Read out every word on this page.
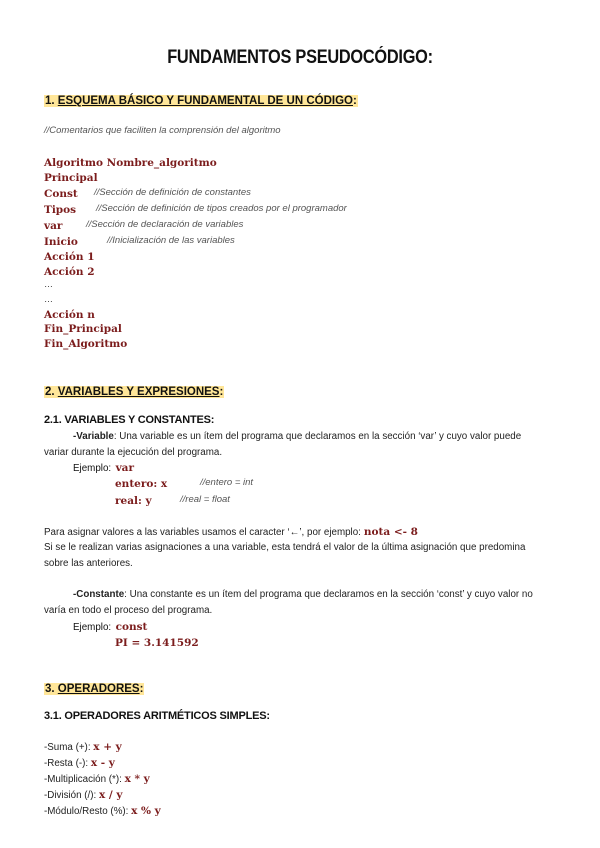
FUNDAMENTOS PSEUDOCÓDIGO:
1. ESQUEMA BÁSICO Y FUNDAMENTAL DE UN CÓDIGO:
//Comentarios que faciliten la comprensión del algoritmo
Algoritmo Nombre_algoritmo
Principal
Const //Sección de definición de constantes
Tipos //Sección de definición de tipos creados por el programador
var //Sección de declaración de variables
Inicio	//Inicialización de las variables
Acción 1
Acción 2
…
…
Acción n
Fin_Principal
Fin_Algoritmo
2. VARIABLES Y EXPRESIONES:
2.1. VARIABLES Y CONSTANTES:
-Variable: Una variable es un ítem del programa que declaramos en la sección ‘var’ y cuyo valor puede
variar durante la ejecución del programa.
Ejemplo: var
entero: x	//entero = int
real: y	//real = float
Para asignar valores a las variables usamos el caracter ‘←’, por ejemplo: nota <- 8
Si se le realizan varias asignaciones a una variable, esta tendrá el valor de la última asignación que predomina
sobre las anteriores.
-Constante: Una constante es un ítem del programa que declaramos en la sección ‘const’ y cuyo valor no
varía en todo el proceso del programa.
Ejemplo: const
PI = 3.141592
3. OPERADORES:
3.1. OPERADORES ARITMÉTICOS SIMPLES:
-Suma (+): x + y
-Resta (-): x - y
-Multiplicación (*): x * y
-División (/): x / y
-Módulo/Resto (%): x % y
